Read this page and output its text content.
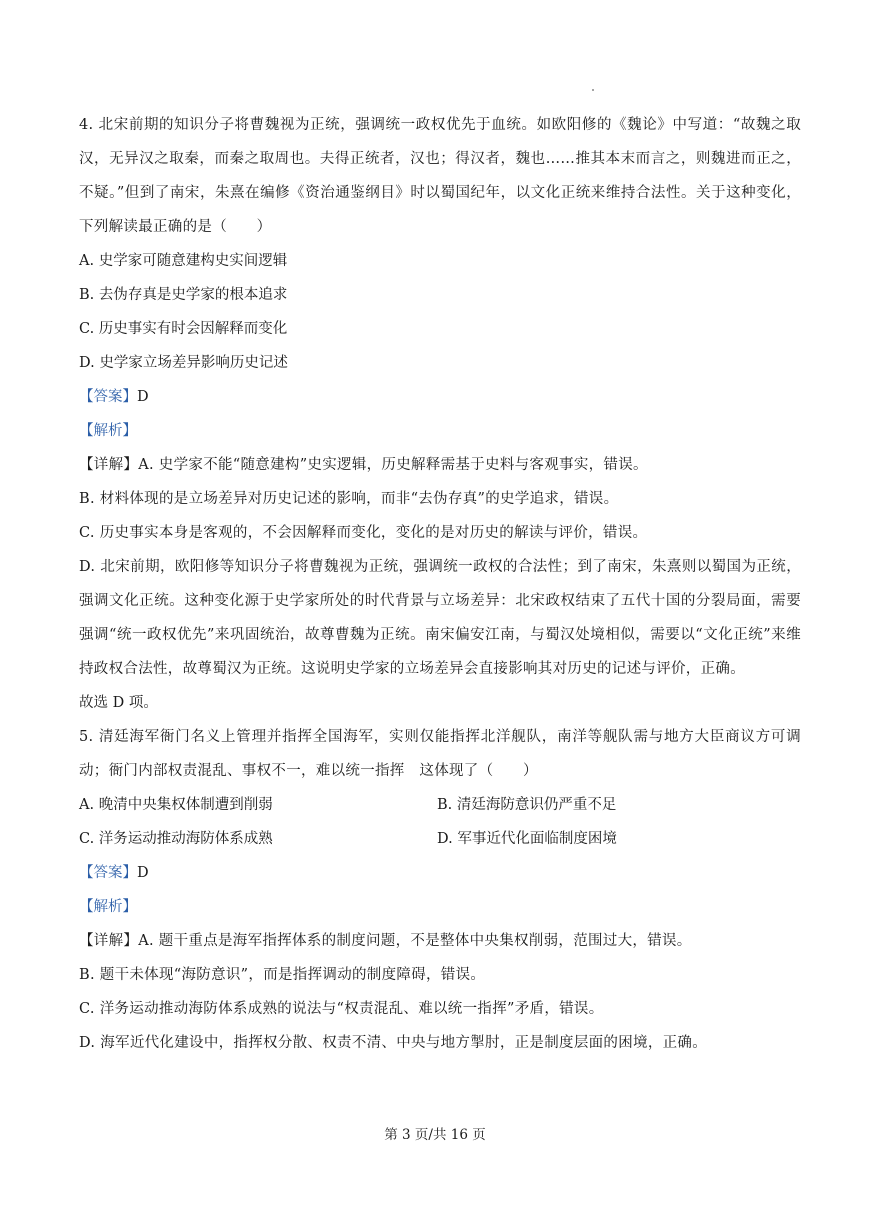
4. 北宋前期的知识分子将曹魏视为正统，强调统一政权优先于血统。如欧阳修的《魏论》中写道：“故魏之取汉，无异汉之取秦，而秦之取周也。夫得正统者，汉也；得汉者，魏也……推其本末而言之，则魏进而正之，不疑。”但到了南宋，朱熹在编修《资治通鉴纲目》时以蜀国纪年，以文化正统来维持合法性。关于这种变化，下列解读最正确的是（　　）

A. 史学家可随意建构史实间逻辑

B. 去伪存真是史学家的根本追求

C. 历史事实有时会因解释而变化

D. 史学家立场差异影响历史记述

【答案】D

【解析】

【详解】A. 史学家不能“随意建构”史实逻辑，历史解释需基于史料与客观事实，错误。

B. 材料体现的是立场差异对历史记述的影响，而非“去伪存真”的史学追求，错误。

C. 历史事实本身是客观的，不会因解释而变化，变化的是对历史的解读与评价，错误。

D. 北宋前期，欧阳修等知识分子将曹魏视为正统，强调统一政权的合法性；到了南宋，朱熹则以蜀国为正统，强调文化正统。这种变化源于史学家所处的时代背景与立场差异：北宋政权结束了五代十国的分裂局面，需要强调“统一政权优先”来巩固统治，故尊曹魏为正统。南宋偏安江南，与蜀汉处境相似，需要以“文化正统”来维持政权合法性，故尊蜀汉为正统。这说明史学家的立场差异会直接影响其对历史的记述与评价，正确。

故选 D 项。

5. 清廷海军衙门名义上管理并指挥全国海军，实则仅能指挥北洋舰队，南洋等舰队需与地方大臣商议方可调动；衙门内部权责混乱、事权不一，难以统一指挥　这体现了（　　）

A. 晚清中央集权体制遭到削弱	B. 清廷海防意识仍严重不足
C. 洋务运动推动海防体系成熟	D. 军事近代化面临制度困境

【答案】D

【解析】

【详解】A. 题干重点是海军指挥体系的制度问题，不是整体中央集权削弱，范围过大，错误。

B. 题干未体现“海防意识”，而是指挥调动的制度障碍，错误。

C. 洋务运动推动海防体系成熟的说法与“权责混乱、难以统一指挥”矛盾，错误。

D. 海军近代化建设中，指挥权分散、权责不清、中央与地方掣肘，正是制度层面的困境，正确。

第 3 页/共 16 页
